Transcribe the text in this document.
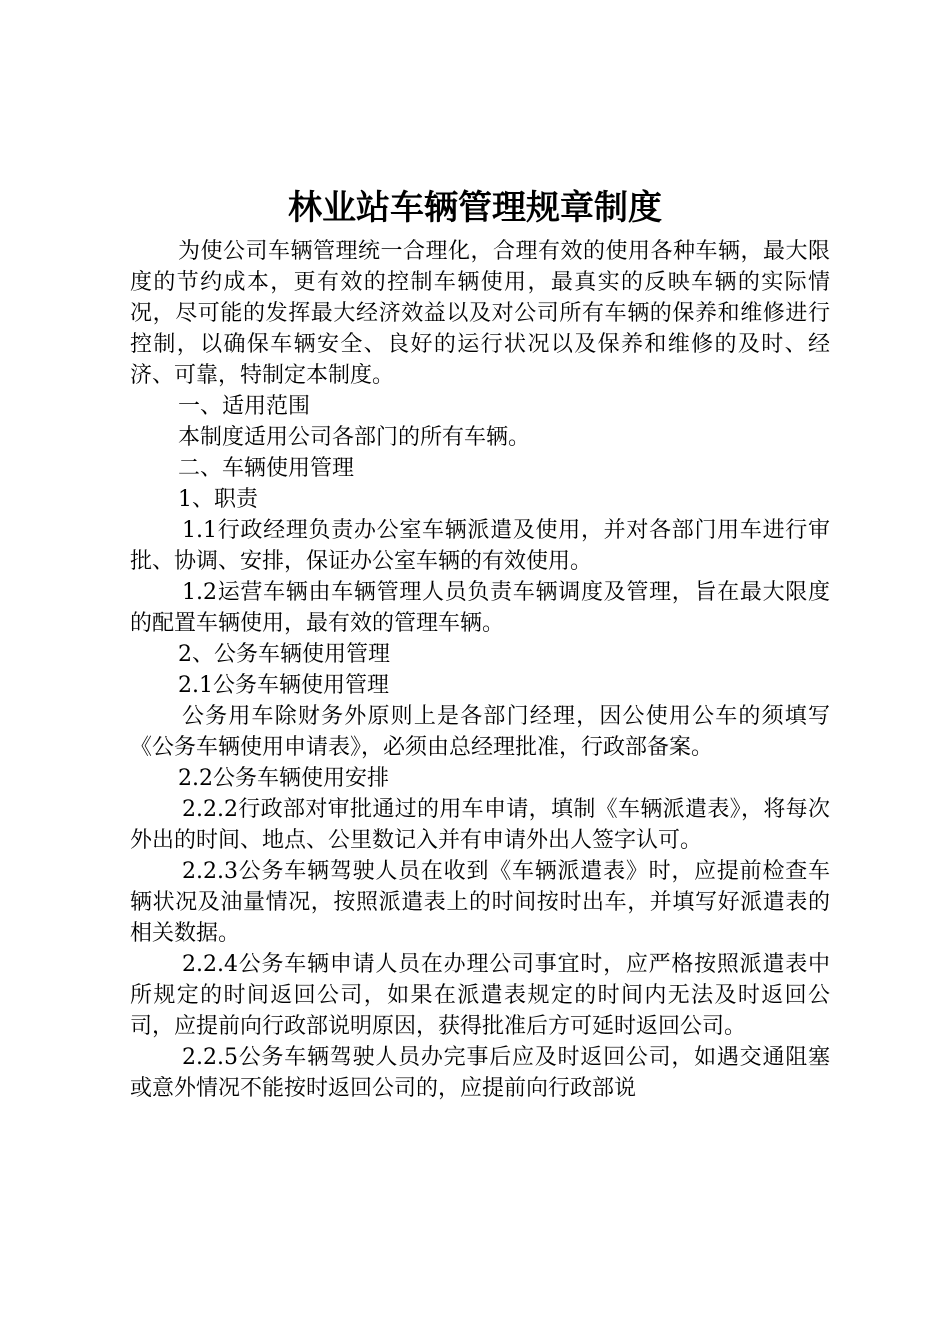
林业站车辆管理规章制度

为使公司车辆管理统一合理化，合理有效的使用各种车辆，最大限度的节约成本，更有效的控制车辆使用，最真实的反映车辆的实际情况，尽可能的发挥最大经济效益以及对公司所有车辆的保养和维修进行控制，以确保车辆安全、良好的运行状况以及保养和维修的及时、经济、可靠，特制定本制度。

一、适用范围

本制度适用公司各部门的所有车辆。

二、车辆使用管理

1、职责

1.1行政经理负责办公室车辆派遣及使用，并对各部门用车进行审批、协调、安排，保证办公室车辆的有效使用。

1.2运营车辆由车辆管理人员负责车辆调度及管理，旨在最大限度的配置车辆使用，最有效的管理车辆。

2、公务车辆使用管理

2.1公务车辆使用管理

公务用车除财务外原则上是各部门经理，因公使用公车的须填写《公务车辆使用申请表》，必须由总经理批准，行政部备案。

2.2公务车辆使用安排

2.2.2行政部对审批通过的用车申请，填制《车辆派遣表》，将每次外出的时间、地点、公里数记入并有申请外出人签字认可。

2.2.3公务车辆驾驶人员在收到《车辆派遣表》时，应提前检查车辆状况及油量情况，按照派遣表上的时间按时出车，并填写好派遣表的相关数据。

2.2.4公务车辆申请人员在办理公司事宜时，应严格按照派遣表中所规定的时间返回公司，如果在派遣表规定的时间内无法及时返回公司，应提前向行政部说明原因，获得批准后方可延时返回公司。

2.2.5公务车辆驾驶人员办完事后应及时返回公司，如遇交通阻塞或意外情况不能按时返回公司的，应提前向行政部说
